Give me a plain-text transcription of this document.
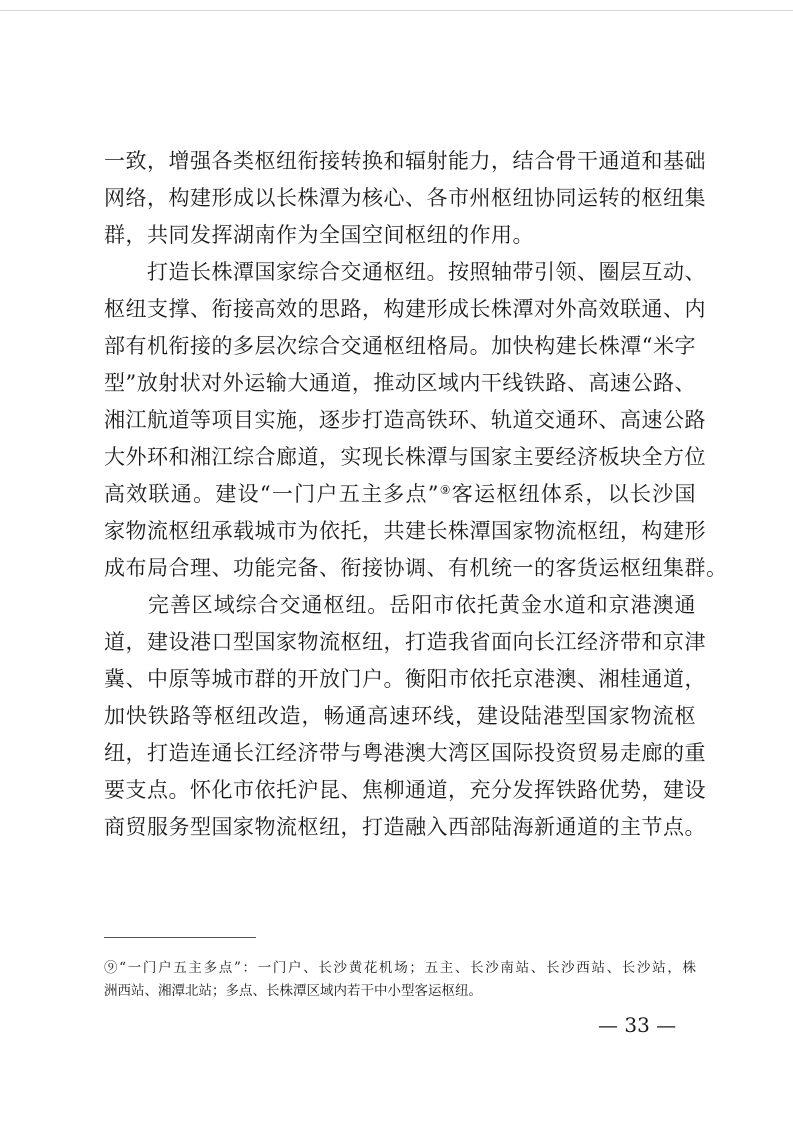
一致，增强各类枢纽衔接转换和辐射能力，结合骨干通道和基础
网络，构建形成以长株潭为核心、各市州枢纽协同运转的枢纽集
群，共同发挥湖南作为全国空间枢纽的作用。
　　打造长株潭国家综合交通枢纽。按照轴带引领、圈层互动、
枢纽支撑、衔接高效的思路，构建形成长株潭对外高效联通、内
部有机衔接的多层次综合交通枢纽格局。加快构建长株潭“米字
型”放射状对外运输大通道，推动区域内干线铁路、高速公路、
湘江航道等项目实施，逐步打造高铁环、轨道交通环、高速公路
大外环和湘江综合廊道，实现长株潭与国家主要经济板块全方位
高效联通。建设“一门户五主多点”⑨客运枢纽体系，以长沙国
家物流枢纽承载城市为依托，共建长株潭国家物流枢纽，构建形
成布局合理、功能完备、衔接协调、有机统一的客货运枢纽集群。
　　完善区域综合交通枢纽。岳阳市依托黄金水道和京港澳通
道，建设港口型国家物流枢纽，打造我省面向长江经济带和京津
冀、中原等城市群的开放门户。衡阳市依托京港澳、湘桂通道，
加快铁路等枢纽改造，畅通高速环线，建设陆港型国家物流枢
纽，打造连通长江经济带与粤港澳大湾区国际投资贸易走廊的重
要支点。怀化市依托沪昆、焦柳通道，充分发挥铁路优势，建设
商贸服务型国家物流枢纽，打造融入西部陆海新通道的主节点。
⑨“一门户五主多点”：一门户、长沙黄花机场；五主、长沙南站、长沙西站、长沙站，株
洲西站、湘潭北站；多点、长株潭区域内若干中小型客运枢纽。
— 33 —
